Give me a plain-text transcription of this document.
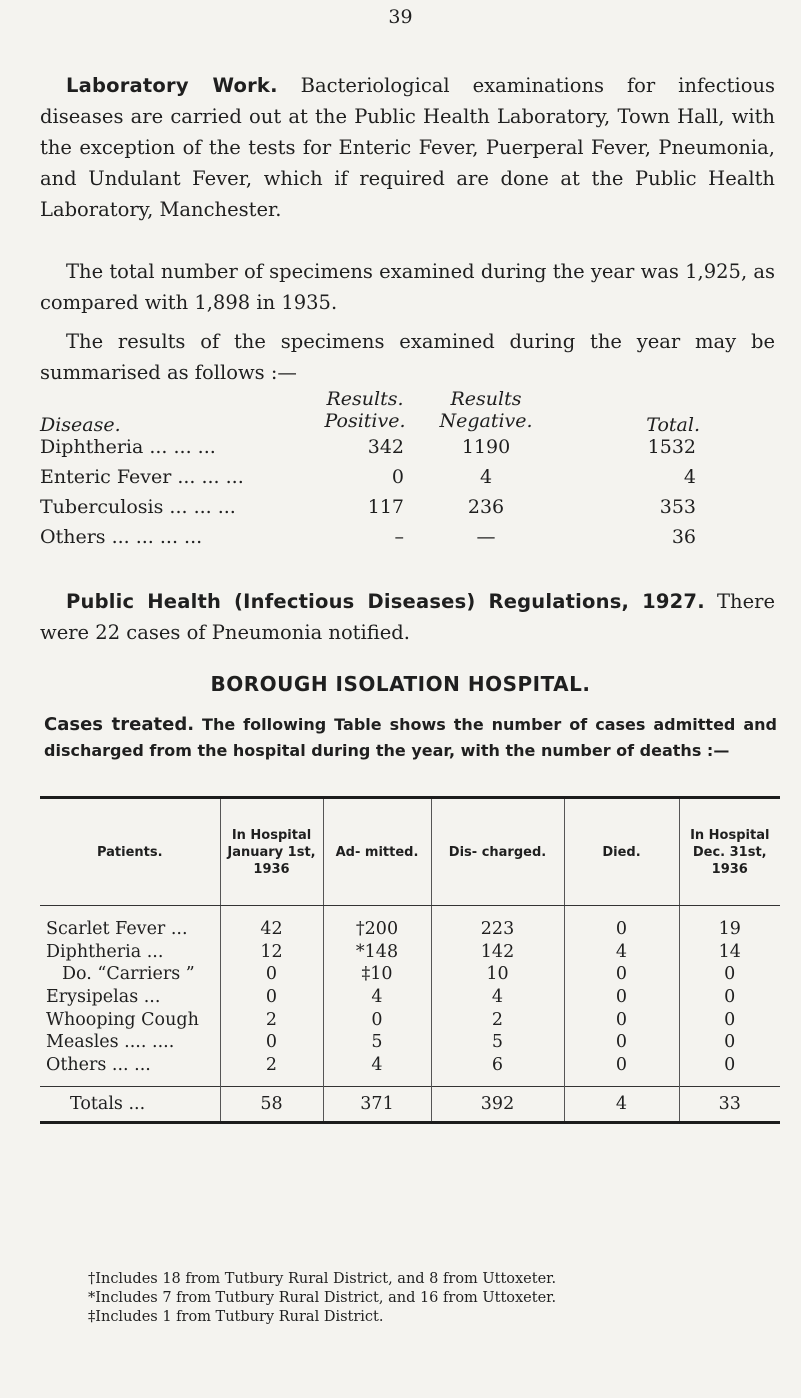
39

Laboratory Work. Bacteriological examinations for infectious diseases are carried out at the Public Health Laboratory, Town Hall, with the exception of the tests for Enteric Fever, Puerperal Fever, Pneumonia, and Undulant Fever, which if required are done at the Public Health Laboratory, Manchester.

The total number of specimens examined during the year was 1,925, as compared with 1,898 in 1935.

The results of the specimens examined during the year may be summarised as follows :—

Disease.
Results. Positive.
Results Negative.	Total.
Diphtheria ... ... ...	342	1190	1532
Enteric Fever ... ... ...	0	4	4
Tuberculosis ... ... ...	117	236	353
Others ... ... ... ...	–	—	36

Public Health (Infectious Diseases) Regulations, 1927. There were 22 cases of Pneumonia notified.

BOROUGH ISOLATION HOSPITAL.

Cases treated. The following Table shows the number of cases admitted and discharged from the hospital during the year, with the number of deaths :—

Patients.	In Hospital January 1st, 1936	Ad- mitted.	Dis- charged.	Died.	In Hospital Dec. 31st, 1936
Scarlet Fever ...	42	†200	223	0	19
Diphtheria ...	12	*148	142	4	14
Do. “Carriers ”	0	‡10	10	0	0
Erysipelas ...	0	4	4	0	0
Whooping Cough	2	0	2	0	0
Measles .... ....	0	5	5	0	0
Others ... ...	2	4	6	0	0
Totals ...	58	371	392	4	33
†Includes 18 from Tutbury Rural District, and 8 from Uttoxeter.
*Includes 7 from Tutbury Rural District, and 16 from Uttoxeter.
‡Includes 1 from Tutbury Rural District.
